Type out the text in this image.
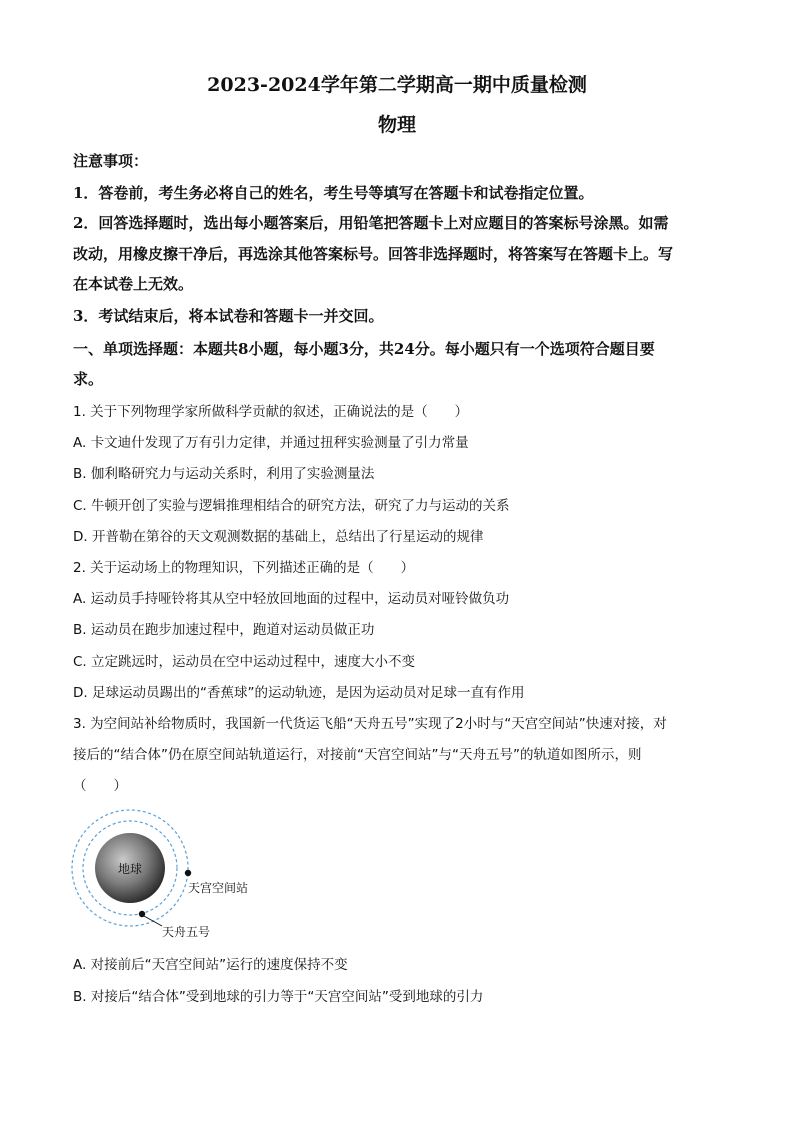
2023-2024学年第二学期高一期中质量检测
物理
注意事项：
1．答卷前，考生务必将自己的姓名，考生号等填写在答题卡和试卷指定位置。
2．回答选择题时，选出每小题答案后，用铅笔把答题卡上对应题目的答案标号涂黑。如需
改动，用橡皮擦干净后，再选涂其他答案标号。回答非选择题时，将答案写在答题卡上。写
在本试卷上无效。
3．考试结束后，将本试卷和答题卡一并交回。
一、单项选择题：本题共8小题，每小题3分，共24分。每小题只有一个选项符合题目要
求。
1. 关于下列物理学家所做科学贡献的叙述，正确说法的是（　　）
A. 卡文迪什发现了万有引力定律，并通过扭秤实验测量了引力常量
B. 伽利略研究力与运动关系时，利用了实验测量法
C. 牛顿开创了实验与逻辑推理相结合的研究方法，研究了力与运动的关系
D. 开普勒在第谷的天文观测数据的基础上，总结出了行星运动的规律
2. 关于运动场上的物理知识，下列描述正确的是（　　）
A. 运动员手持哑铃将其从空中轻放回地面的过程中，运动员对哑铃做负功
B. 运动员在跑步加速过程中，跑道对运动员做正功
C. 立定跳远时，运动员在空中运动过程中，速度大小不变
D. 足球运动员踢出的“香蕉球”的运动轨迹，是因为运动员对足球一直有作用
3. 为空间站补给物质时，我国新一代货运飞船“天舟五号”实现了2小时与“天宫空间站”快速对接，对
接后的“结合体”仍在原空间站轨道运行，对接前“天宫空间站”与“天舟五号”的轨道如图所示，则
（　　）
地球
天宫空间站
天舟五号
A. 对接前后“天宫空间站”运行的速度保持不变
B. 对接后“结合体”受到地球的引力等于“天宫空间站”受到地球的引力
